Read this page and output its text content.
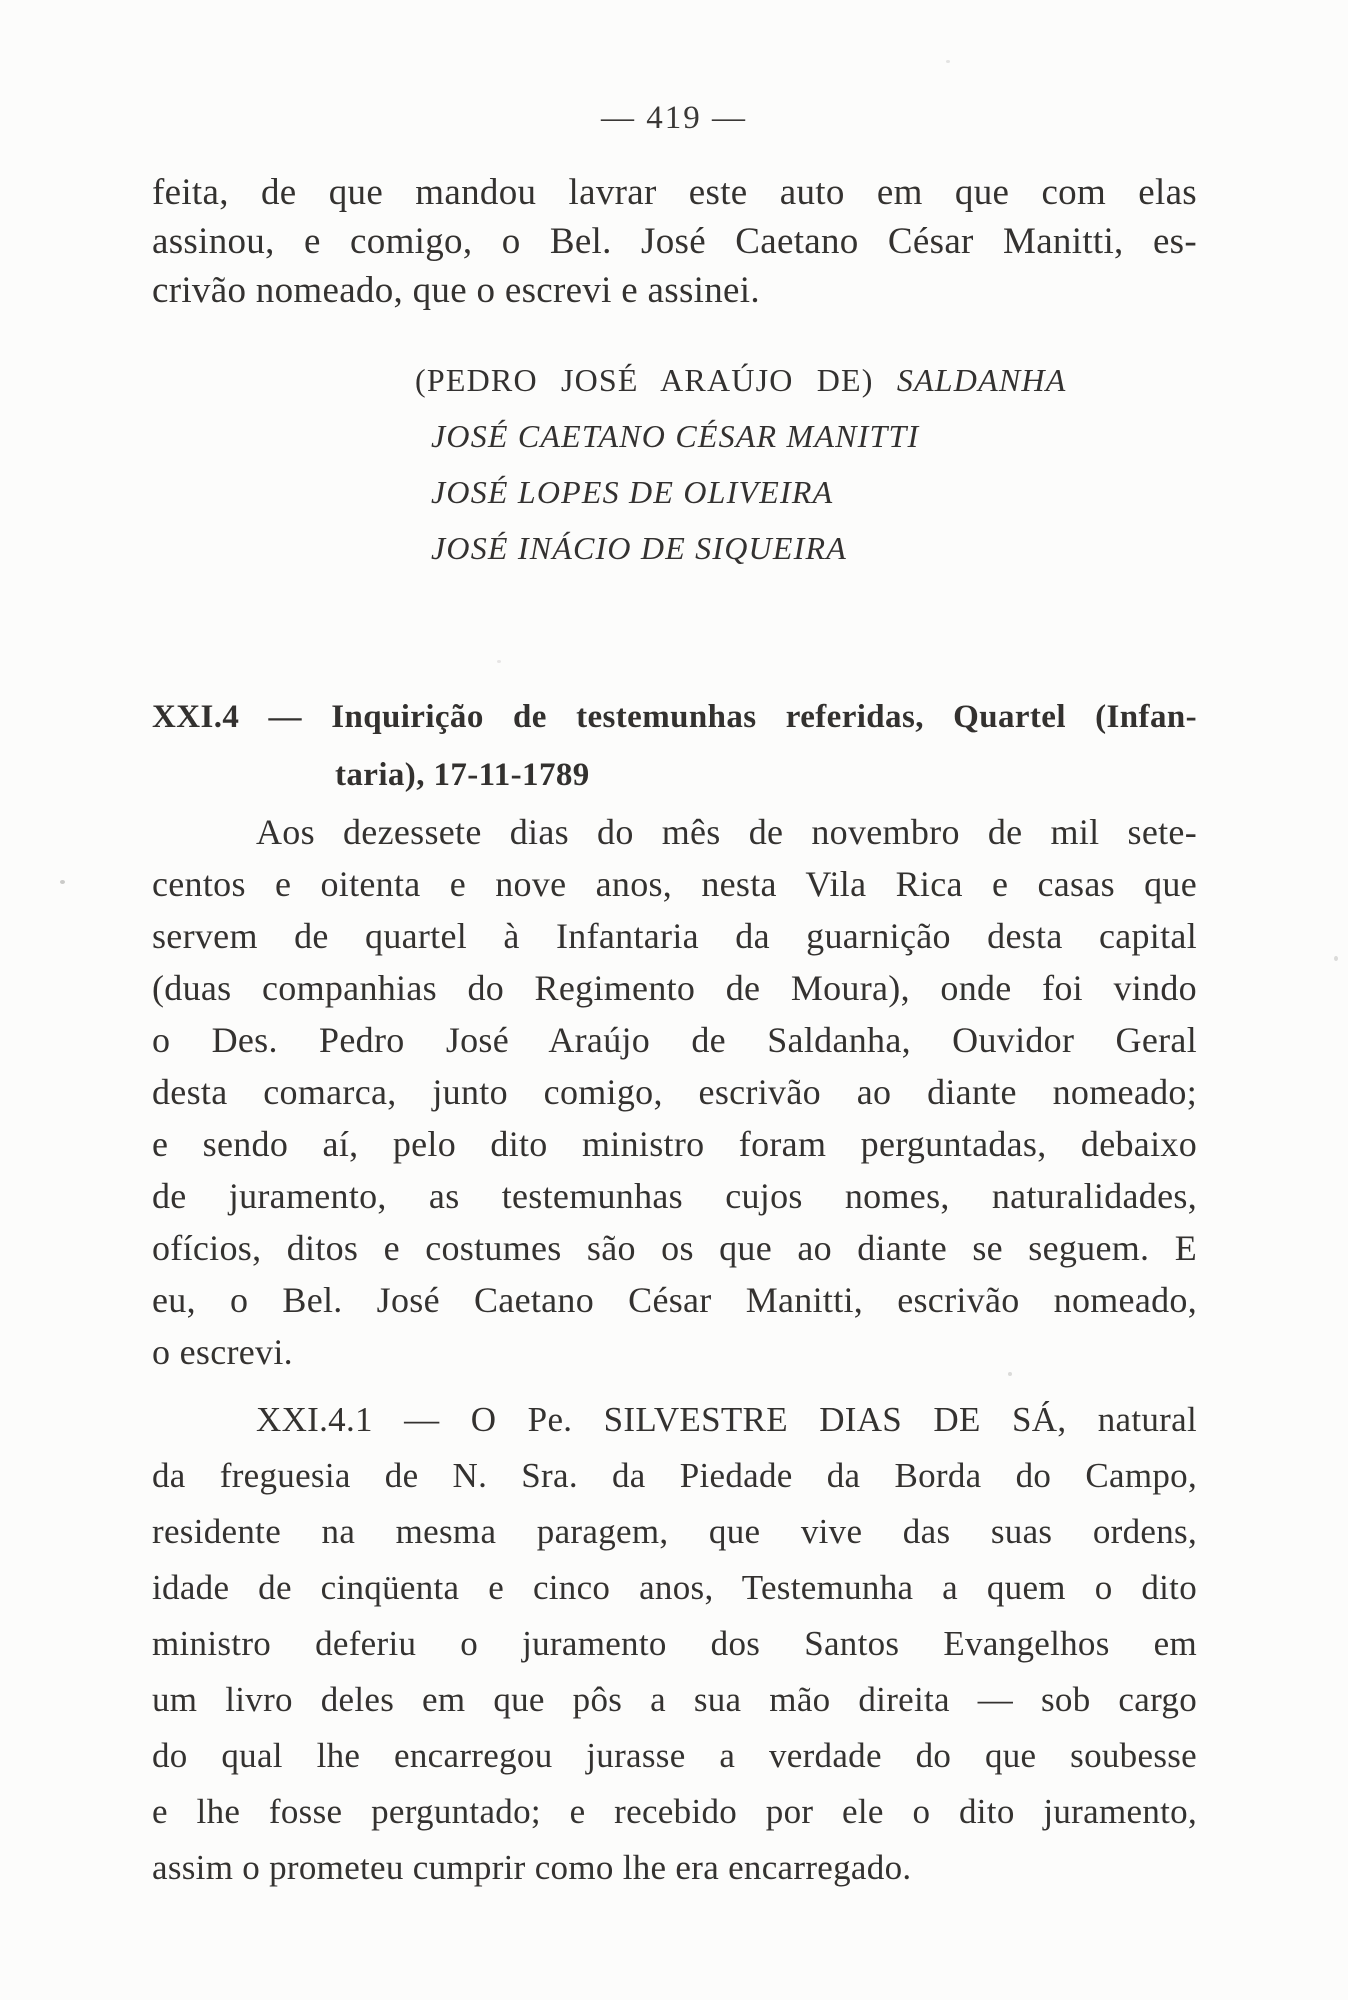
— 419 —
feita, de que mandou lavrar este auto em que com elas
assinou, e comigo, o Bel. José Caetano César Manitti, es-
crivão nomeado, que o escrevi e assinei.
(PEDRO JOSÉ ARAÚJO DE) SALDANHA
JOSÉ CAETANO CÉSAR MANITTI
JOSÉ LOPES DE OLIVEIRA
JOSÉ INÁCIO DE SIQUEIRA
XXI.4 — Inquirição de testemunhas referidas, Quartel (Infan-
taria), 17-11-1789
Aos dezessete dias do mês de novembro de mil sete-
centos e oitenta e nove anos, nesta Vila Rica e casas que
servem de quartel à Infantaria da guarnição desta capital
(duas companhias do Regimento de Moura), onde foi vindo
o Des. Pedro José Araújo de Saldanha, Ouvidor Geral
desta comarca, junto comigo, escrivão ao diante nomeado;
e sendo aí, pelo dito ministro foram perguntadas, debaixo
de juramento, as testemunhas cujos nomes, naturalidades,
ofícios, ditos e costumes são os que ao diante se seguem. E
eu, o Bel. José Caetano César Manitti, escrivão nomeado,
o escrevi.
XXI.4.1 — O Pe. SILVESTRE DIAS DE SÁ, natural
da freguesia de N. Sra. da Piedade da Borda do Campo,
residente na mesma paragem, que vive das suas ordens,
idade de cinqüenta e cinco anos, Testemunha a quem o dito
ministro deferiu o juramento dos Santos Evangelhos em
um livro deles em que pôs a sua mão direita — sob cargo
do qual lhe encarregou jurasse a verdade do que soubesse
e lhe fosse perguntado; e recebido por ele o dito juramento,
assim o prometeu cumprir como lhe era encarregado.
